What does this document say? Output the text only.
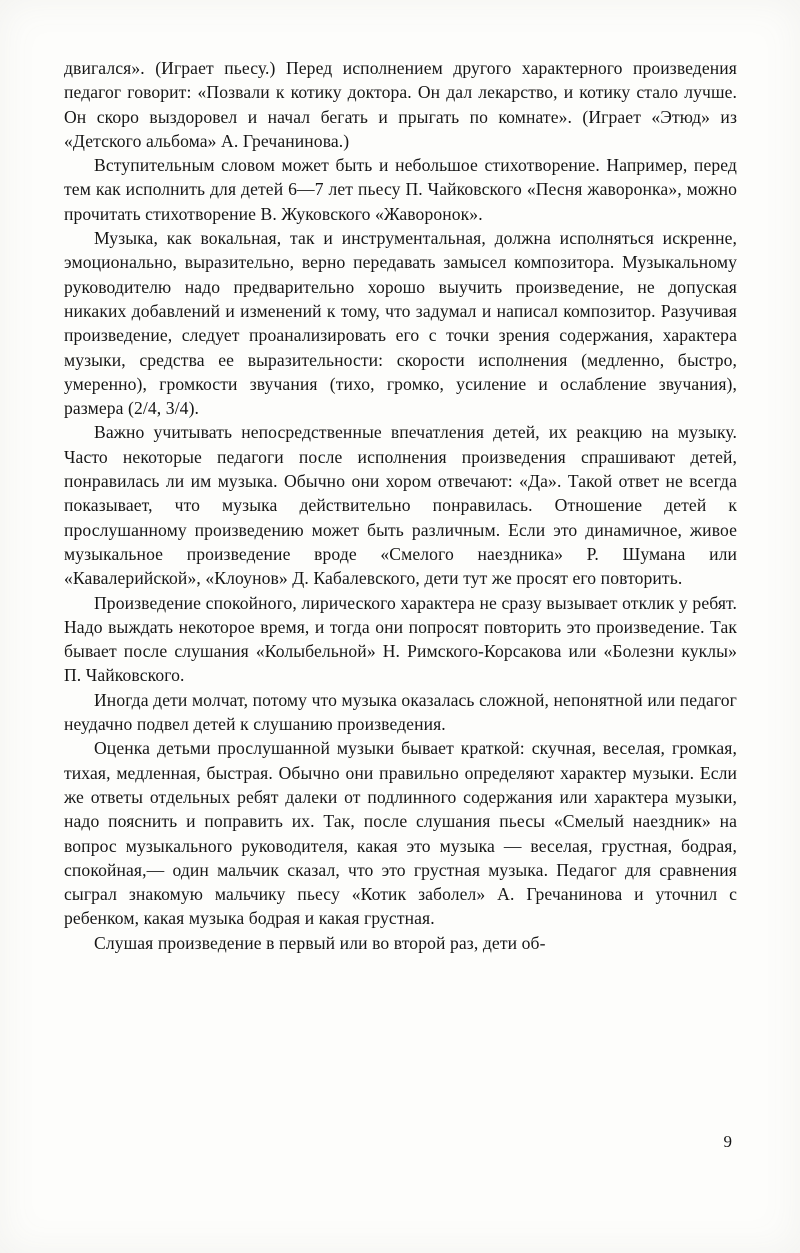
двигался». (Играет пьесу.) Перед исполнением другого характерного произведения педагог говорит: «Позвали к котику доктора. Он дал лекарство, и котику стало лучше. Он скоро выздоровел и начал бегать и прыгать по комнате». (Играет «Этюд» из «Детского альбома» А. Гречанинова.)

Вступительным словом может быть и небольшое стихотворение. Например, перед тем как исполнить для детей 6—7 лет пьесу П. Чайковского «Песня жаворонка», можно прочитать стихотворение В. Жуковского «Жаворонок».

Музыка, как вокальная, так и инструментальная, должна исполняться искренне, эмоционально, выразительно, верно передавать замысел композитора. Музыкальному руководителю надо предварительно хорошо выучить произведение, не допуская никаких добавлений и изменений к тому, что задумал и написал композитор. Разучивая произведение, следует проанализировать его с точки зрения содержания, характера музыки, средства ее выразительности: скорости исполнения (медленно, быстро, умеренно), громкости звучания (тихо, громко, усиление и ослабление звучания), размера (2/4, 3/4).

Важно учитывать непосредственные впечатления детей, их реакцию на музыку. Часто некоторые педагоги после исполнения произведения спрашивают детей, понравилась ли им музыка. Обычно они хором отвечают: «Да». Такой ответ не всегда показывает, что музыка действительно понравилась. Отношение детей к прослушанному произведению может быть различным. Если это динамичное, живое музыкальное произведение вроде «Смелого наездника» Р. Шумана или «Кавалерийской», «Клоунов» Д. Кабалевского, дети тут же просят его повторить.

Произведение спокойного, лирического характера не сразу вызывает отклик у ребят. Надо выждать некоторое время, и тогда они попросят повторить это произведение. Так бывает после слушания «Колыбельной» Н. Римского-Корсакова или «Болезни куклы» П. Чайковского.

Иногда дети молчат, потому что музыка оказалась сложной, непонятной или педагог неудачно подвел детей к слушанию произведения.

Оценка детьми прослушанной музыки бывает краткой: скучная, веселая, громкая, тихая, медленная, быстрая. Обычно они правильно определяют характер музыки. Если же ответы отдельных ребят далеки от подлинного содержания или характера музыки, надо пояснить и поправить их. Так, после слушания пьесы «Смелый наездник» на вопрос музыкального руководителя, какая это музыка — веселая, грустная, бодрая, спокойная,— один мальчик сказал, что это грустная музыка. Педагог для сравнения сыграл знакомую мальчику пьесу «Котик заболел» А. Гречанинова и уточнил с ребенком, какая музыка бодрая и какая грустная.

Слушая произведение в первый или во второй раз, дети об-

9
